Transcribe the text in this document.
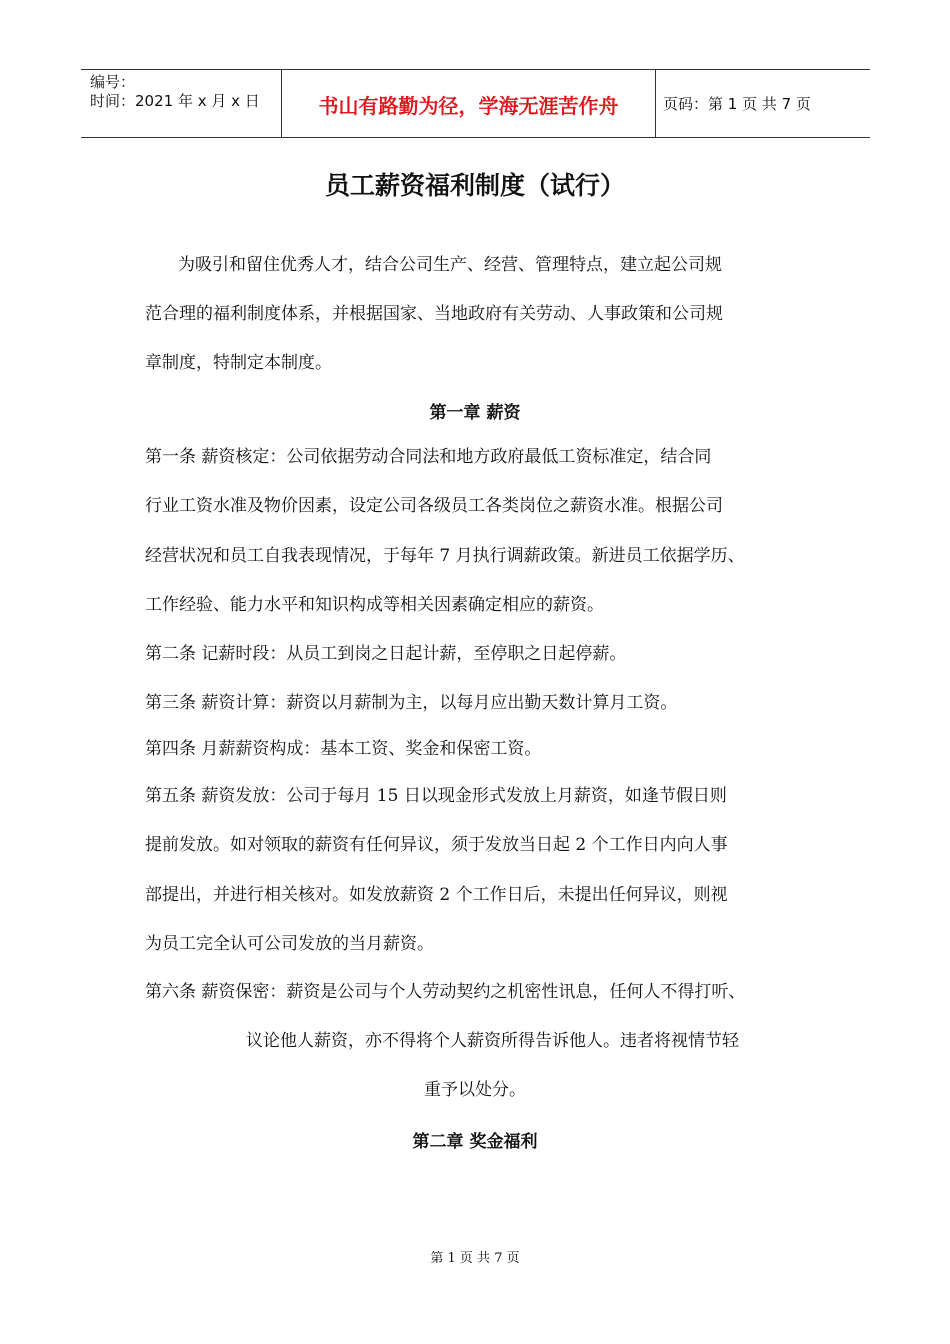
编号：
时间：2021 年 x 月 x 日	书山有路勤为径，学海无涯苦作舟	页码：第 1 页 共 7 页
员工薪资福利制度（试行）
为吸引和留住优秀人才，结合公司生产、经营、管理特点，建立起公司规
范合理的福利制度体系，并根据国家、当地政府有关劳动、人事政策和公司规
章制度，特制定本制度。
第一章 薪资
第一条 薪资核定：公司依据劳动合同法和地方政府最低工资标准定，结合同
行业工资水准及物价因素，设定公司各级员工各类岗位之薪资水准。根据公司
经营状况和员工自我表现情况，于每年 7 月执行调薪政策。新进员工依据学历、
工作经验、能力水平和知识构成等相关因素确定相应的薪资。
第二条 记薪时段：从员工到岗之日起计薪，至停职之日起停薪。
第三条 薪资计算：薪资以月薪制为主，以每月应出勤天数计算月工资。
第四条 月薪薪资构成：基本工资、奖金和保密工资。
第五条 薪资发放：公司于每月 15 日以现金形式发放上月薪资，如逢节假日则
提前发放。如对领取的薪资有任何异议，须于发放当日起 2 个工作日内向人事
部提出，并进行相关核对。如发放薪资 2 个工作日后，未提出任何异议，则视
为员工完全认可公司发放的当月薪资。
第六条 薪资保密：薪资是公司与个人劳动契约之机密性讯息，任何人不得打听、
议论他人薪资，亦不得将个人薪资所得告诉他人。违者将视情节轻
重予以处分。
第二章 奖金福利
第 1 页 共 7 页
